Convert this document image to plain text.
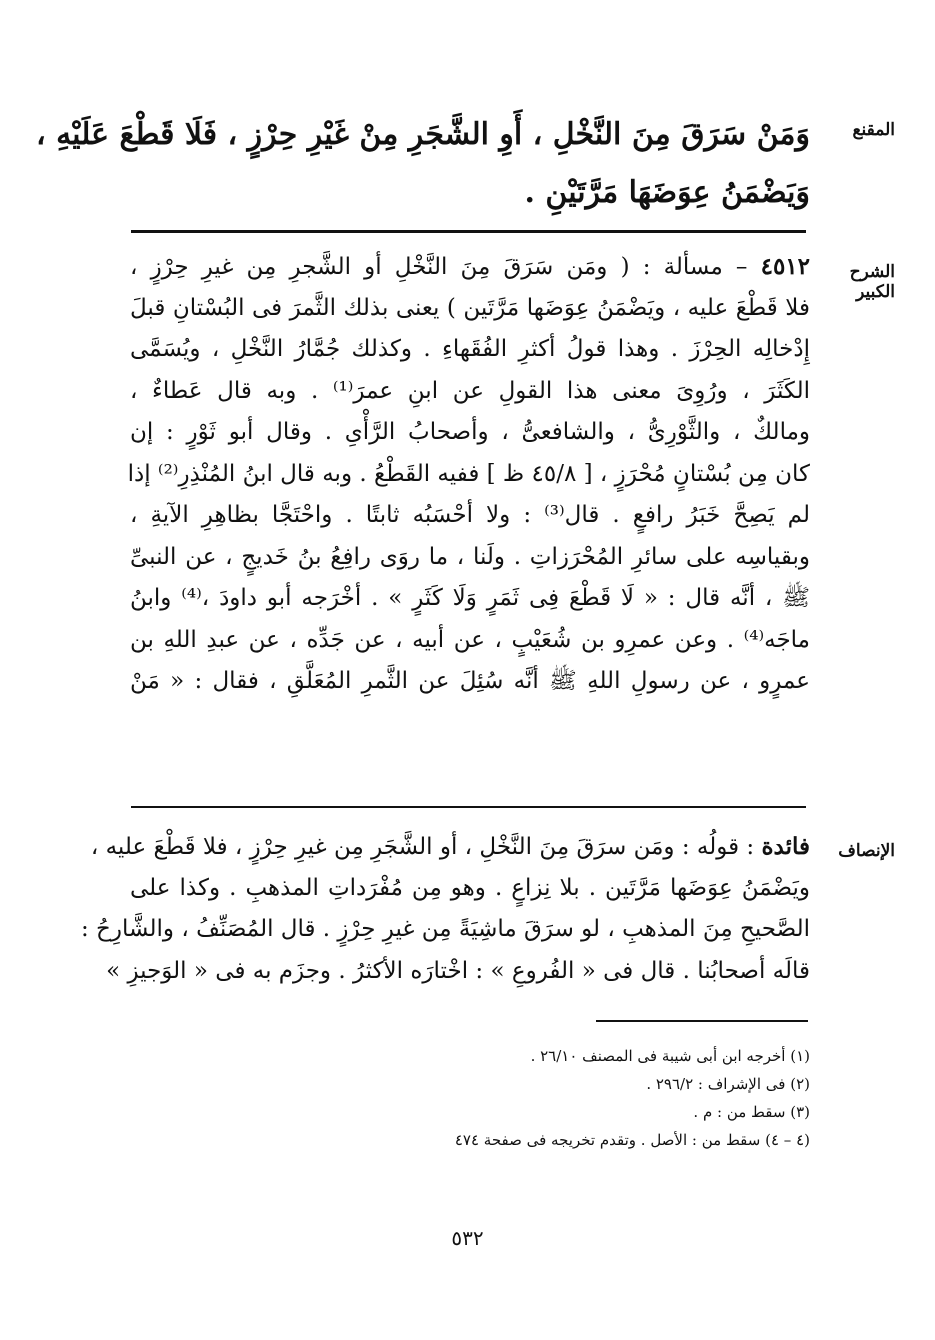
المقنع
الشرح الكبير
الإنصاف
وَمَنْ سَرَقَ مِنَ النَّخْلِ ، أَوِ الشَّجَرِ مِنْ غَيْرِ حِرْزٍ ، فَلَا قَطْعَ عَلَيْهِ ،
وَيَضْمَنُ عِوَضَهَا مَرَّتَيْنِ .
٤٥١٢ – مسألة : ( ومَن سَرَقَ مِنَ النَّخْلِ أو الشَّجرِ مِن غيرِ حِرْزٍ ،
فلا قَطْعَ عليه ، ويَضْمَنُ عِوَضَها مَرَّتَين ) يعنى بذلك الثَّمرَ فى البُسْتانِ قبلَ
إِدْخالِه الحِرْزَ . وهذا قولُ أكثرِ الفُقَهاءِ . وكذلك جُمَّارُ النَّخْلِ ، ويُسَمَّى
الكَثَرَ ، ورُوِىَ معنى هذا القولِ عن ابنِ عمرَ⁽¹⁾ . وبه قال عَطاءٌ ،
ومالكٌ ، والثَّوْرِىُّ ، والشافعىُّ ، وأصحابُ الرَّأْىِ . وقال أبو ثَوْرٍ : إن
كان مِن بُسْتانٍ مُحْرَزٍ ، [ ٤٥/٨ ظ ] ففيه القَطْعُ . وبه قال ابنُ المُنْذِرِ⁽²⁾ إذا
لم يَصِحَّ خَبَرُ رافعٍ . قال⁽³⁾ : ولا أحْسَبُه ثابتًا . واحْتَجَّا بظاهِرِ الآيةِ ،
وبقياسِه على سائرِ المُحْرَزاتِ . ولَنا ، ما روَى رافِعُ بنُ خَديجٍ ، عن النبىِّ
ﷺ ، أنَّه قال : « لَا قَطْعَ فِى ثَمَرٍ وَلَا كَثَرٍ » . أخْرَجه أبو داودَ ،⁽⁴⁾ وابنُ
ماجَه⁽⁴⁾ . وعن عمرِو بن شُعَيْبٍ ، عن أبيه ، عن جَدِّه ، عن عبدِ اللهِ بن
عمرٍو ، عن رسولِ اللهِ ﷺ أنَّه سُئِلَ عن الثَّمرِ المُعَلَّقِ ، فقال : « مَنْ
فائدة : قولُه : ومَن سرَقَ مِنَ النَّخْلِ ، أو الشَّجَرِ مِن غيرِ حِرْزٍ ، فلا قَطْعَ عليه ،
ويَضْمَنُ عِوَضَها مَرَّتَين . بلا نِزاعٍ . وهو مِن مُفْرَداتِ المذهبِ . وكذا على
الصَّحيحِ مِنَ المذهبِ ، لو سرَقَ ماشِيَةً مِن غيرِ حِرْزٍ . قال المُصَنِّفُ ، والشَّارِحُ :
قالَه أصحابُنا . قال فى « الفُروعِ » : اخْتارَه الأكثرُ . وجزَم به فى « الوَجيزِ »
(١) أخرجه ابن أبى شيبة فى المصنف ٢٦/١٠ .
(٢) فى الإشراف : ٢٩٦/٢ .
(٣) سقط من : م .
(٤ – ٤) سقط من : الأصل . وتقدم تخريجه فى صفحة ٤٧٤
٥٣٢
